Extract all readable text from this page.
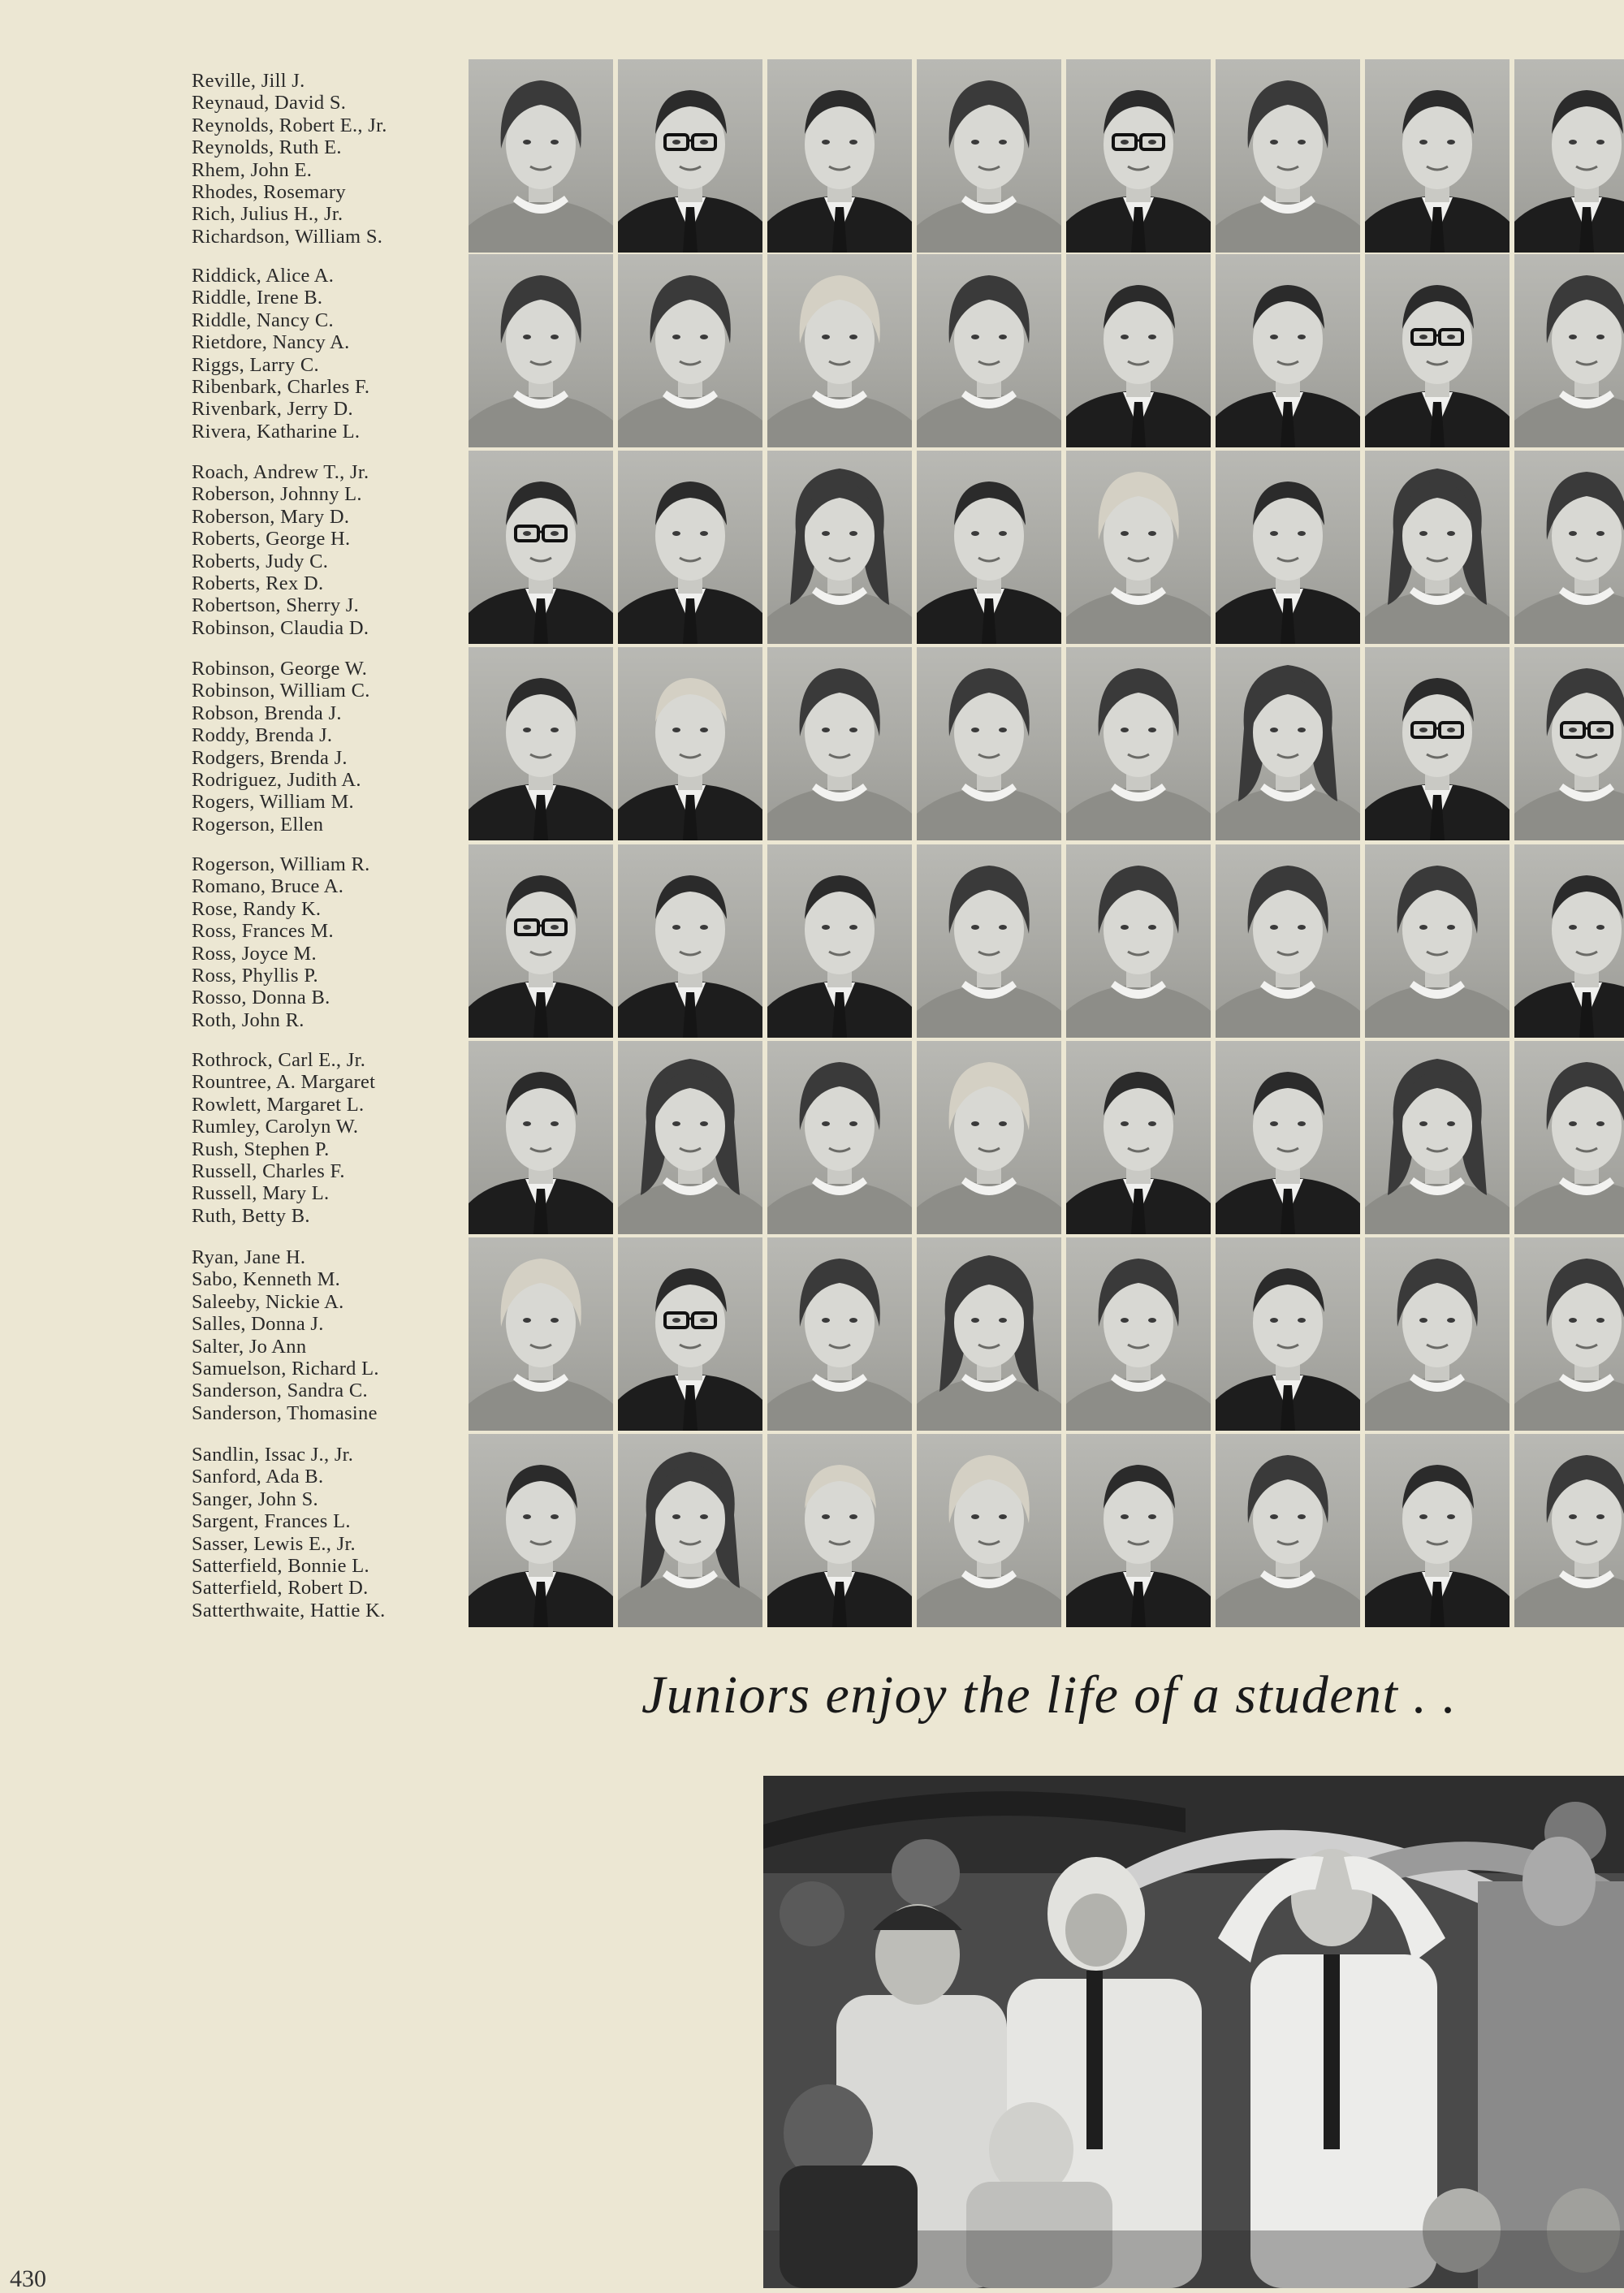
Reville, Jill J.
Reynaud, David S.
Reynolds, Robert E., Jr.
Reynolds, Ruth E.
Rhem, John E.
Rhodes, Rosemary
Rich, Julius H., Jr.
Richardson, William S.
Riddick, Alice A.
Riddle, Irene B.
Riddle, Nancy C.
Rietdore, Nancy A.
Riggs, Larry C.
Ribenbark, Charles F.
Rivenbark, Jerry D.
Rivera, Katharine L.
Roach, Andrew T., Jr.
Roberson, Johnny L.
Roberson, Mary D.
Roberts, George H.
Roberts, Judy C.
Roberts, Rex D.
Robertson, Sherry J.
Robinson, Claudia D.
Robinson, George W.
Robinson, William C.
Robson, Brenda J.
Roddy, Brenda J.
Rodgers, Brenda J.
Rodriguez, Judith A.
Rogers, William M.
Rogerson, Ellen
Rogerson, William R.
Romano, Bruce A.
Rose, Randy K.
Ross, Frances M.
Ross, Joyce M.
Ross, Phyllis P.
Rosso, Donna B.
Roth, John R.
Rothrock, Carl E., Jr.
Rountree, A. Margaret
Rowlett, Margaret L.
Rumley, Carolyn W.
Rush, Stephen P.
Russell, Charles F.
Russell, Mary L.
Ruth, Betty B.
Ryan, Jane H.
Sabo, Kenneth M.
Saleeby, Nickie A.
Salles, Donna J.
Salter, Jo Ann
Samuelson, Richard L.
Sanderson, Sandra C.
Sanderson, Thomasine
Sandlin, Issac J., Jr.
Sanford, Ada B.
Sanger, John S.
Sargent, Frances L.
Sasser, Lewis E., Jr.
Satterfield, Bonnie L.
Satterfield, Robert D.
Satterthwaite, Hattie K.
Juniors enjoy the life of a student . .
430
